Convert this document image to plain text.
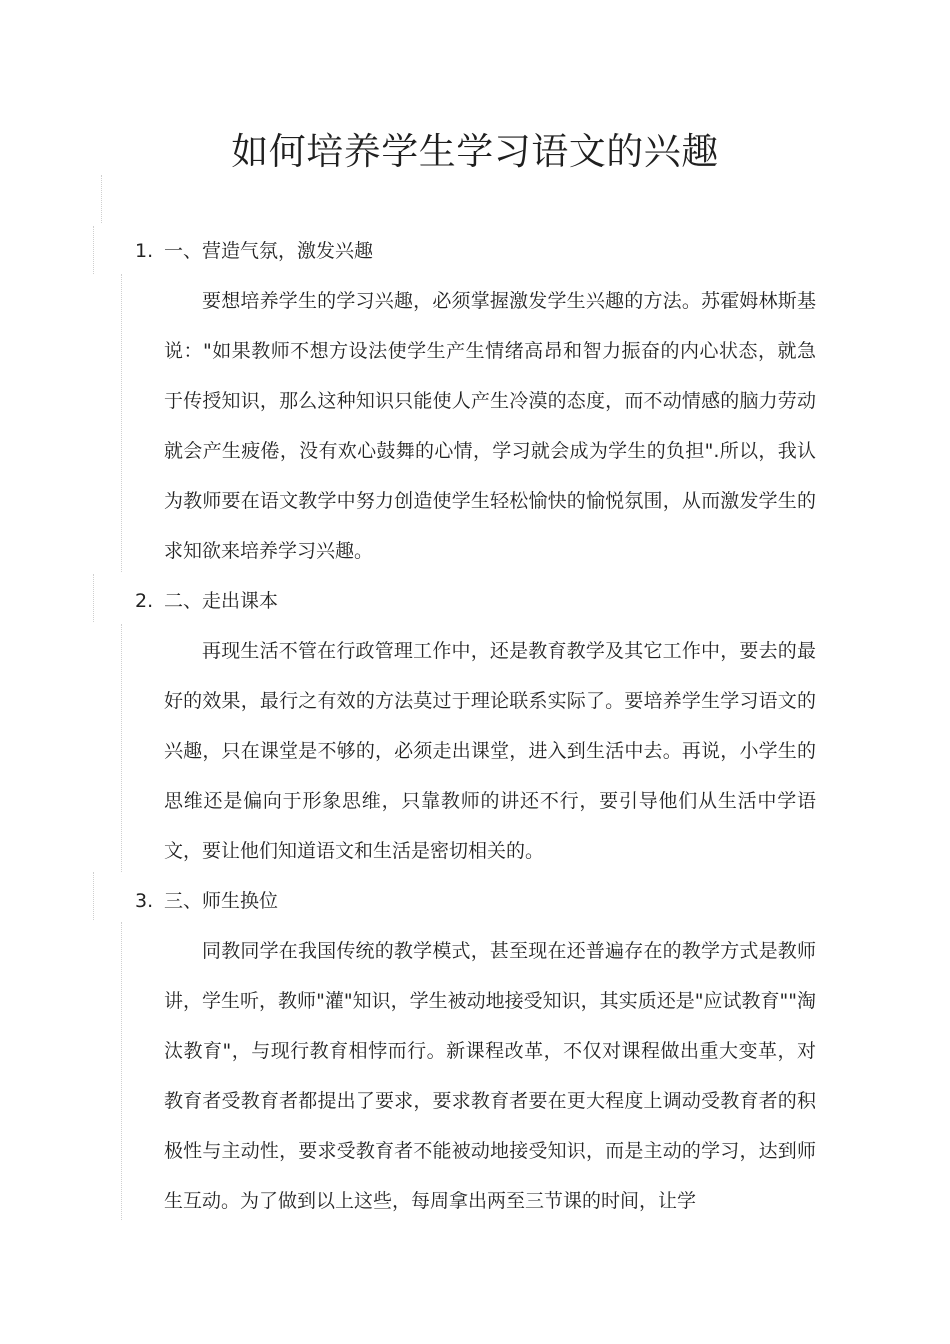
如何培养学生学习语文的兴趣
1. 一、营造气氛，激发兴趣

要想培养学生的学习兴趣，必须掌握激发学生兴趣的方法。苏霍姆林斯基说："如果教师不想方设法使学生产生情绪高昂和智力振奋的内心状态，就急于传授知识，那么这种知识只能使人产生冷漠的态度，而不动情感的脑力劳动就会产生疲倦，没有欢心鼓舞的心情，学习就会成为学生的负担".所以，我认为教师要在语文教学中努力创造使学生轻松愉快的愉悦氛围，从而激发学生的求知欲来培养学习兴趣。

2. 二、走出课本

再现生活不管在行政管理工作中，还是教育教学及其它工作中，要去的最好的效果，最行之有效的方法莫过于理论联系实际了。要培养学生学习语文的兴趣，只在课堂是不够的，必须走出课堂，进入到生活中去。再说，小学生的思维还是偏向于形象思维，只靠教师的讲还不行，要引导他们从生活中学语文，要让他们知道语文和生活是密切相关的。

3. 三、师生换位

同教同学在我国传统的教学模式，甚至现在还普遍存在的教学方式是教师讲，学生听，教师"灌"知识，学生被动地接受知识，其实质还是"应试教育""淘汰教育"，与现行教育相悖而行。新课程改革，不仅对课程做出重大变革，对教育者受教育者都提出了要求，要求教育者要在更大程度上调动受教育者的积极性与主动性，要求受教育者不能被动地接受知识，而是主动的学习，达到师生互动。为了做到以上这些，每周拿出两至三节课的时间，让学
